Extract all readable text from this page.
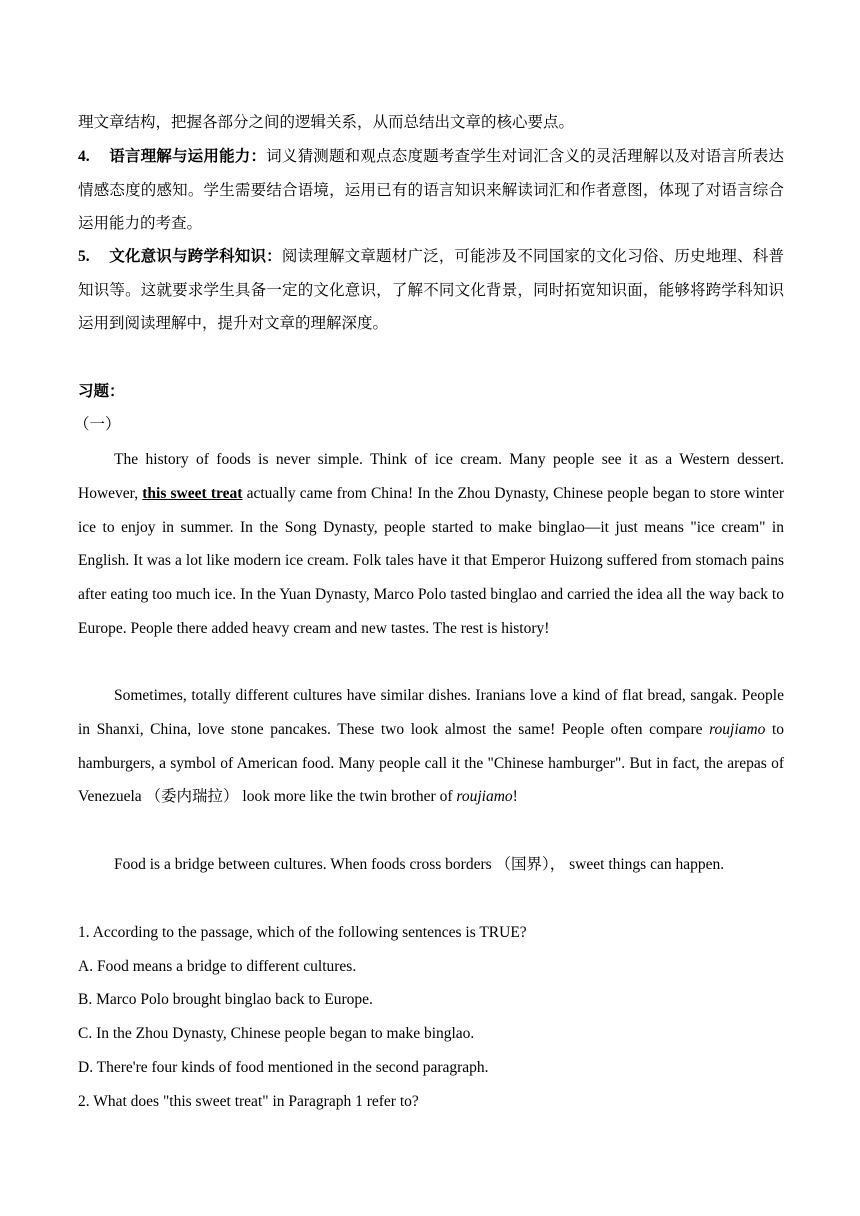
理文章结构，把握各部分之间的逻辑关系，从而总结出文章的核心要点。
4. 语言理解与运用能力：词义猜测题和观点态度题考查学生对词汇含义的灵活理解以及对语言所表达情感态度的感知。学生需要结合语境，运用已有的语言知识来解读词汇和作者意图，体现了对语言综合运用能力的考查。
5. 文化意识与跨学科知识：阅读理解文章题材广泛，可能涉及不同国家的文化习俗、历史地理、科普知识等。这就要求学生具备一定的文化意识，了解不同文化背景，同时拓宽知识面，能够将跨学科知识运用到阅读理解中，提升对文章的理解深度。
习题：
（一）
The history of foods is never simple. Think of ice cream. Many people see it as a Western dessert. However, this sweet treat actually came from China! In the Zhou Dynasty, Chinese people began to store winter ice to enjoy in summer. In the Song Dynasty, people started to make binglao—it just means "ice cream" in English. It was a lot like modern ice cream. Folk tales have it that Emperor Huizong suffered from stomach pains after eating too much ice. In the Yuan Dynasty, Marco Polo tasted binglao and carried the idea all the way back to Europe. People there added heavy cream and new tastes. The rest is history!
Sometimes, totally different cultures have similar dishes. Iranians love a kind of flat bread, sangak. People in Shanxi, China, love stone pancakes. These two look almost the same! People often compare roujiamo to hamburgers, a symbol of American food. Many people call it the "Chinese hamburger". But in fact, the arepas of Venezuela （委内瑞拉） look more like the twin brother of roujiamo!
Food is a bridge between cultures. When foods cross borders （国界）， sweet things can happen.
1. According to the passage, which of the following sentences is TRUE?
A. Food means a bridge to different cultures.
B. Marco Polo brought binglao back to Europe.
C. In the Zhou Dynasty, Chinese people began to make binglao.
D. There're four kinds of food mentioned in the second paragraph.
2. What does "this sweet treat" in Paragraph 1 refer to?
